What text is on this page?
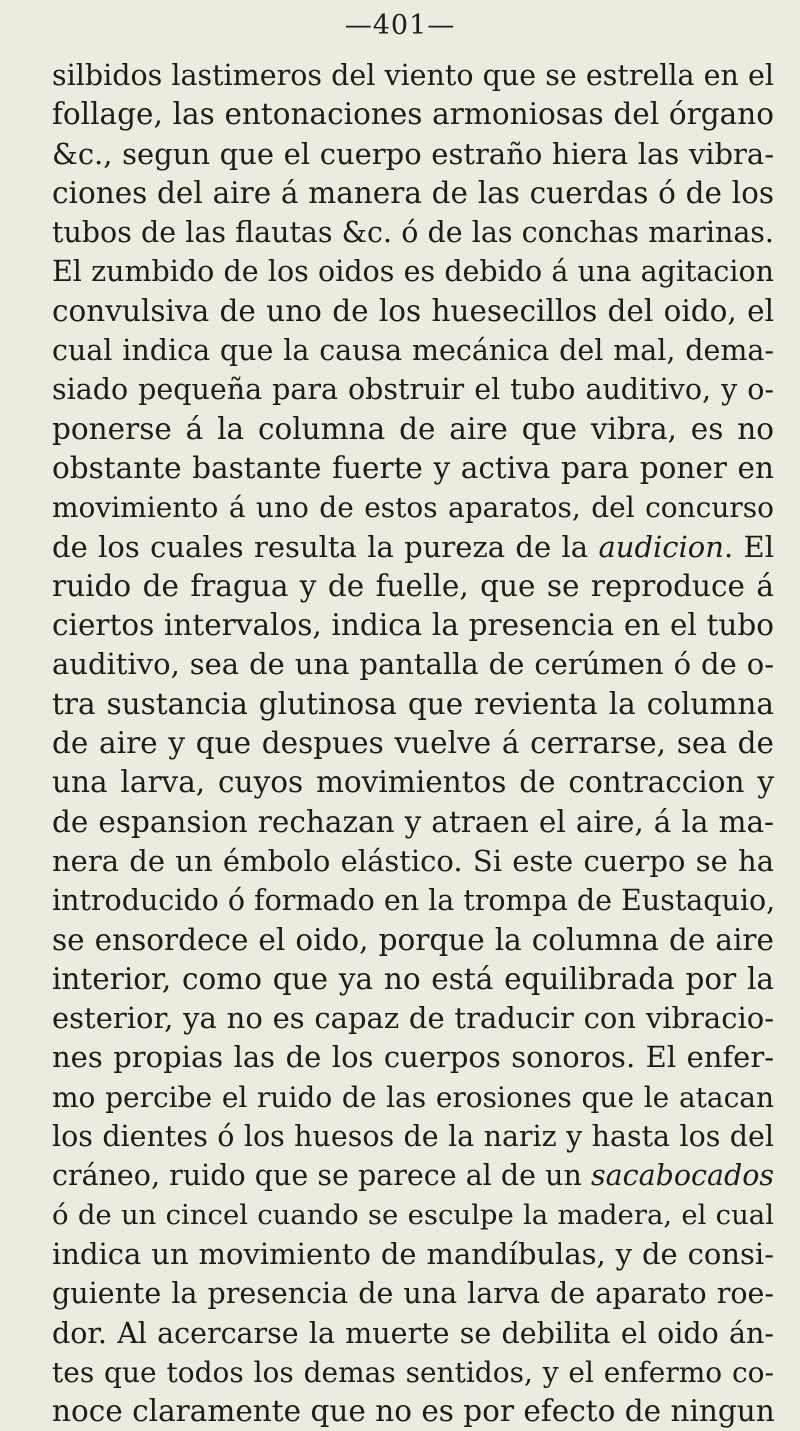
—401—
silbidos lastimeros del viento que se estrella en el
follage, las entonaciones armoniosas del órgano
&c., segun que el cuerpo estraño hiera las vibra-
ciones del aire á manera de las cuerdas ó de los
tubos de las flautas &c. ó de las conchas marinas.
El zumbido de los oidos es debido á una agitacion
convulsiva de uno de los huesecillos del oido, el
cual indica que la causa mecánica del mal, dema-
siado pequeña para obstruir el tubo auditivo, y o-
ponerse á la columna de aire que vibra, es no
obstante bastante fuerte y activa para poner en
movimiento á uno de estos aparatos, del concurso
de los cuales resulta la pureza de la audicion. El
ruido de fragua y de fuelle, que se reproduce á
ciertos intervalos, indica la presencia en el tubo
auditivo, sea de una pantalla de cerúmen ó de o-
tra sustancia glutinosa que revienta la columna
de aire y que despues vuelve á cerrarse, sea de
una larva, cuyos movimientos de contraccion y
de espansion rechazan y atraen el aire, á la ma-
nera de un émbolo elástico. Si este cuerpo se ha
introducido ó formado en la trompa de Eustaquio,
se ensordece el oido, porque la columna de aire
interior, como que ya no está equilibrada por la
esterior, ya no es capaz de traducir con vibracio-
nes propias las de los cuerpos sonoros. El enfer-
mo percibe el ruido de las erosiones que le atacan
los dientes ó los huesos de la nariz y hasta los del
cráneo, ruido que se parece al de un sacabocados
ó de un cincel cuando se esculpe la madera, el cual
indica un movimiento de mandíbulas, y de consi-
guiente la presencia de una larva de aparato roe-
dor. Al acercarse la muerte se debilita el oido án-
tes que todos los demas sentidos, y el enfermo co-
noce claramente que no es por efecto de ningun
